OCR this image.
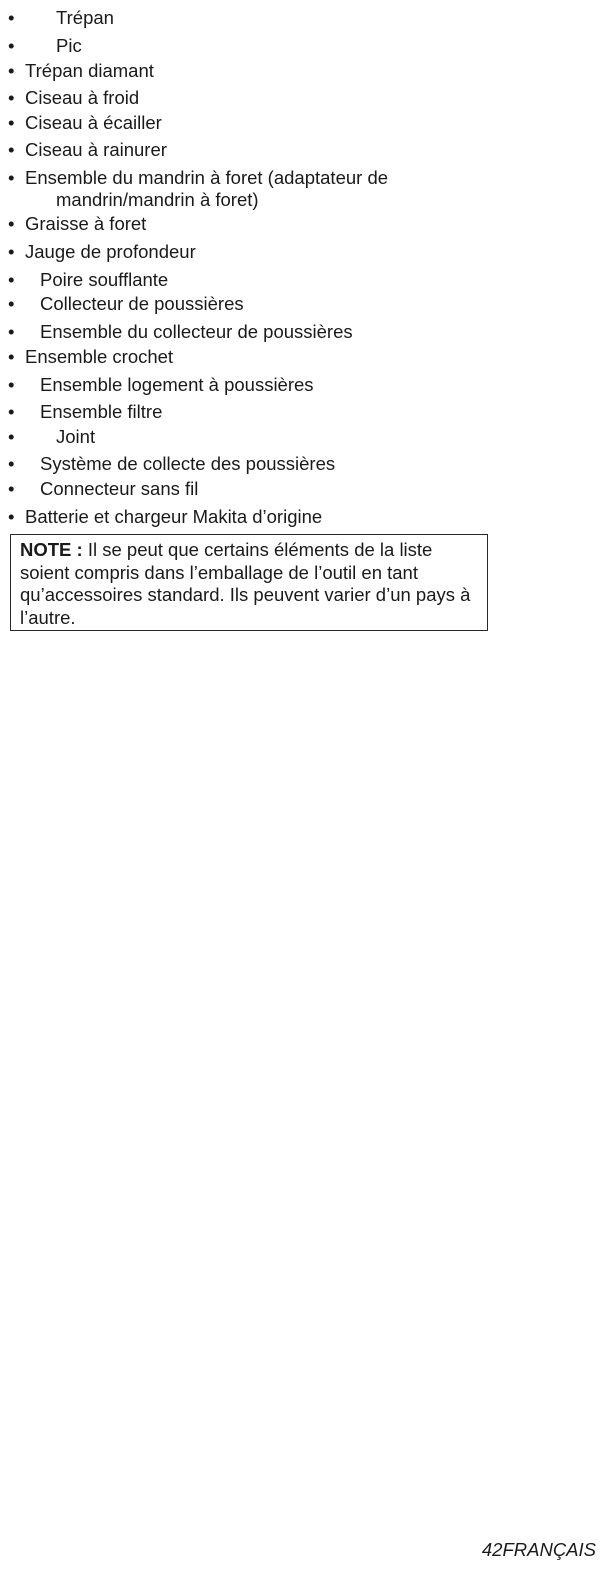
• Trépan
• Pic
• Trépan diamant
• Ciseau à froid
• Ciseau à écailler
• Ciseau à rainurer
• Ensemble du mandrin à foret (adaptateur de
mandrin/mandrin à foret)
• Graisse à foret
• Jauge de profondeur
• Poire soufflante
• Collecteur de poussières
• Ensemble du collecteur de poussières
• Ensemble crochet
• Ensemble logement à poussières
• Ensemble filtre
• Joint
• Système de collecte des poussières
• Connecteur sans fil
• Batterie et chargeur Makita d’origine
NOTE : Il se peut que certains éléments de la liste soient compris dans l’emballage de l’outil en tant qu’accessoires standard. Ils peuvent varier d’un pays à l’autre.
42FRANÇAIS
